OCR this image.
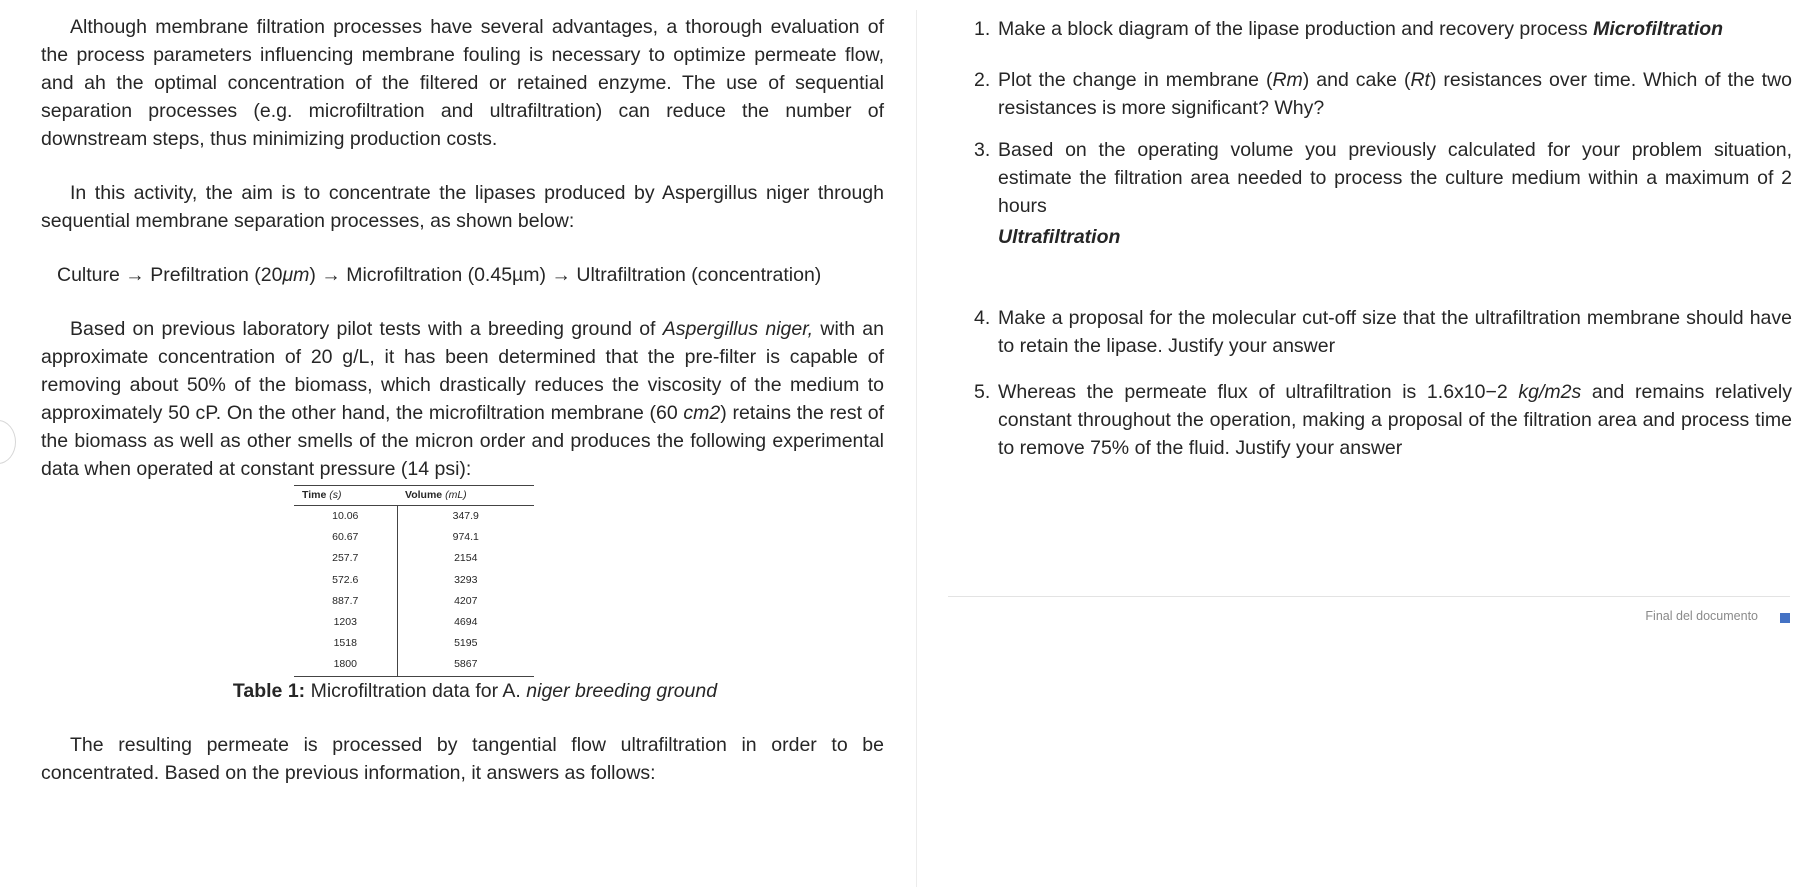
Although membrane filtration processes have several advantages, a thorough evaluation of the process parameters influencing membrane fouling is necessary to optimize permeate flow, and ah the optimal concentration of the filtered or retained enzyme. The use of sequential separation processes (e.g. microfiltration and ultrafiltration) can reduce the number of downstream steps, thus minimizing production costs.

In this activity, the aim is to concentrate the lipases produced by Aspergillus niger through sequential membrane separation processes, as shown below:

Culture → Prefiltration (20μm) → Microfiltration (0.45µm) → Ultrafiltration (concentration)

Based on previous laboratory pilot tests with a breeding ground of Aspergillus niger, with an approximate concentration of 20 g/L, it has been determined that the pre-filter is capable of removing about 50% of the biomass, which drastically reduces the viscosity of the medium to approximately 50 cP. On the other hand, the microfiltration membrane (60 cm2) retains the rest of the biomass as well as other smells of the micron order and produces the following experimental data when operated at constant pressure (14 psi):

Time (s)	Volume (mL)
10.06	347.9
60.67	974.1
257.7	2154
572.6	3293
887.7	4207
1203	4694
1518	5195
1800	5867

Table 1: Microfiltration data for A. niger breeding ground

The resulting permeate is processed by tangential flow ultrafiltration in order to be concentrated. Based on the previous information, it answers as follows:

1. Make a block diagram of the lipase production and recovery process Microfiltration
2. Plot the change in membrane (Rm) and cake (Rt) resistances over time. Which of the two resistances is more significant? Why?
3. Based on the operating volume you previously calculated for your problem situation, estimate the filtration area needed to process the culture medium within a maximum of 2 hours

Ultrafiltration

4. Make a proposal for the molecular cut-off size that the ultrafiltration membrane should have to retain the lipase. Justify your answer
5. Whereas the permeate flux of ultrafiltration is 1.6x10−2 kg/m2s and remains relatively constant throughout the operation, making a proposal of the filtration area and process time to remove 75% of the fluid. Justify your answer
Final del documento
